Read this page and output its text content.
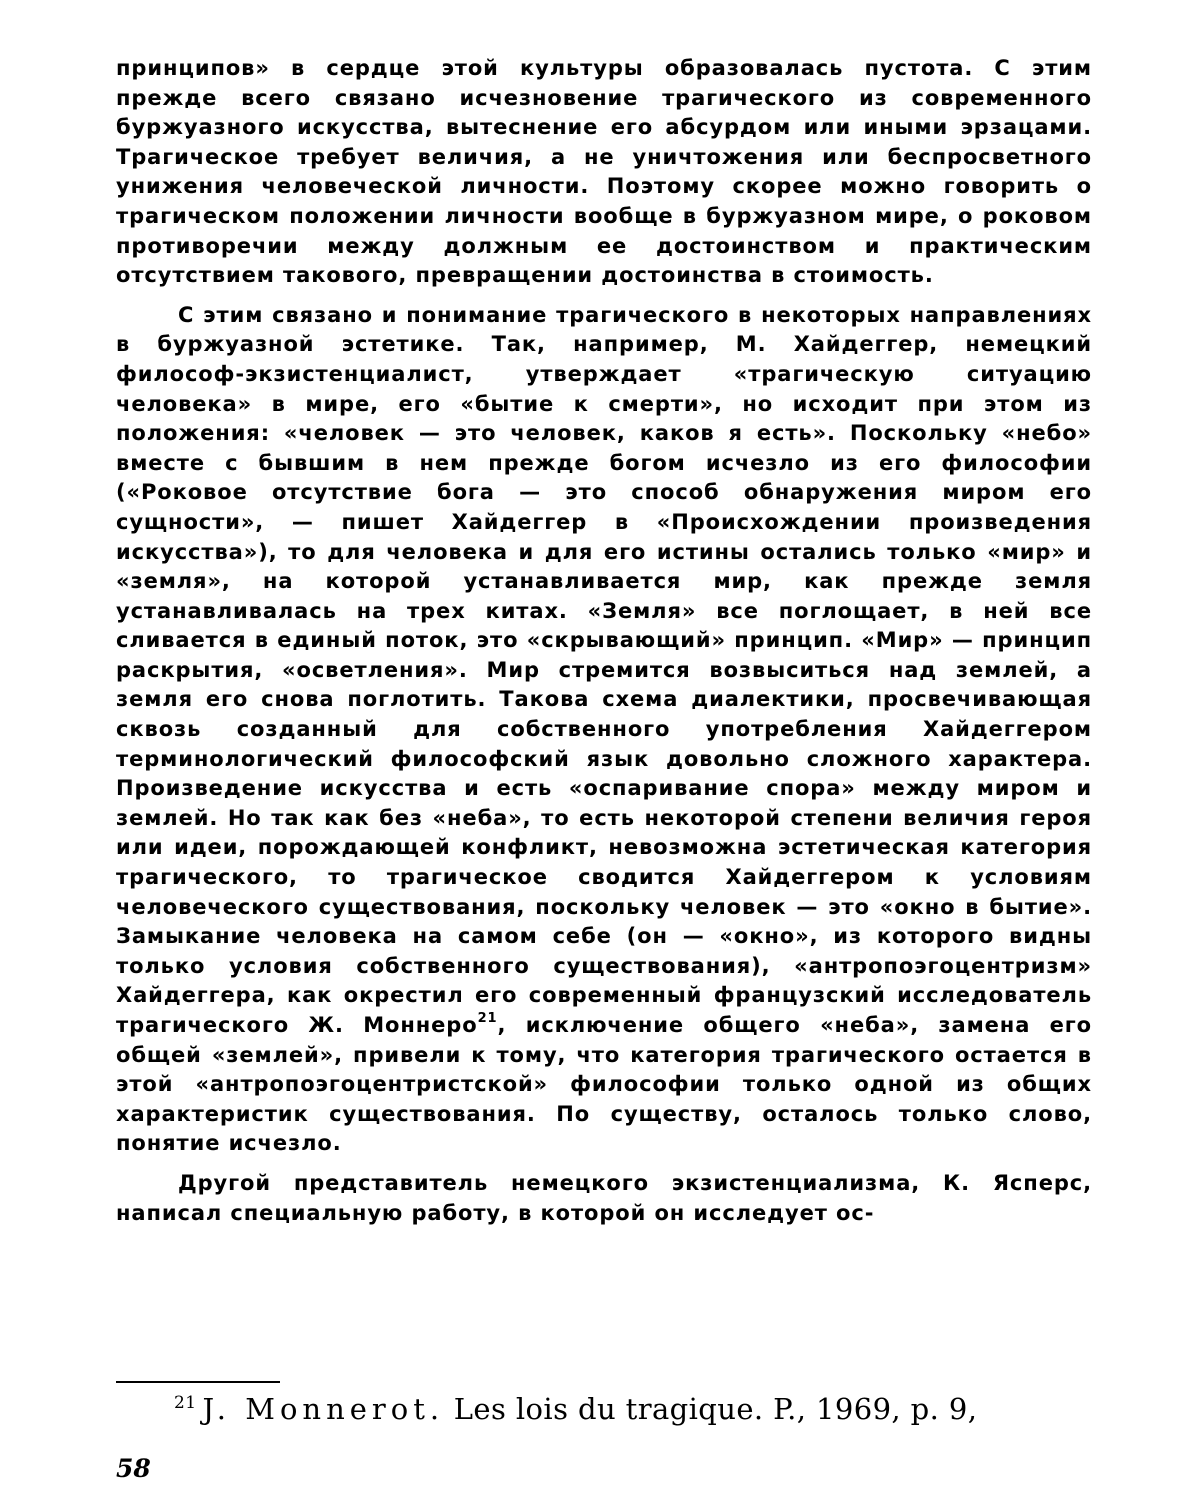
принципов» в сердце этой культуры образовалась пустота. С этим прежде всего связано исчезновение трагического из современного буржуазного искусства, вытеснение его абсурдом или иными эрзацами. Трагическое требует величия, а не уничтожения или беспросветного унижения человеческой личности. Поэтому скорее можно говорить о трагическом положении личности вообще в буржуазном мире, о роковом противоречии между должным ее достоинством и практическим отсутствием такового, превращении достоинства в стоимость.

С этим связано и понимание трагического в некоторых направлениях в буржуазной эстетике. Так, например, М. Хайдеггер, немецкий философ-экзистенциалист, утверждает «трагическую ситуацию человека» в мире, его «бытие к смерти», но исходит при этом из положения: «человек — это человек, каков я есть». Поскольку «небо» вместе с бывшим в нем прежде богом исчезло из его философии («Роковое отсутствие бога — это способ обнаружения миром его сущности», — пишет Хайдеггер в «Происхождении произведения искусства»), то для человека и для его истины остались только «мир» и «земля», на которой устанавливается мир, как прежде земля устанавливалась на трех китах. «Земля» все поглощает, в ней все сливается в единый поток, это «скрывающий» принцип. «Мир» — принцип раскрытия, «осветления». Мир стремится возвыситься над землей, а земля его снова поглотить. Такова схема диалектики, просвечивающая сквозь созданный для собственного употребления Хайдеггером терминологический философский язык довольно сложного характера. Произведение искусства и есть «оспаривание спора» между миром и землей. Но так как без «неба», то есть некоторой степени величия героя или идеи, порождающей конфликт, невозможна эстетическая категория трагического, то трагическое сводится Хайдеггером к условиям человеческого существования, поскольку человек — это «окно в бытие». Замыкание человека на самом себе (он — «окно», из которого видны только условия собственного существования), «антропоэгоцентризм» Хайдеггера, как окрестил его современный французский исследователь трагического Ж. Моннеро$^{21}$, исключение общего «неба», замена его общей «землей», привели к тому, что категория трагического остается в этой «антропоэгоцентристской» философии только одной из общих характеристик существования. По существу, осталось только слово, понятие исчезло.

Другой представитель немецкого экзистенциализма, К. Ясперс, написал специальную работу, в которой он исследует ос-

$^{21}$ J. Monnerot. Les lois du tragique. P., 1969, p. 9,
58
